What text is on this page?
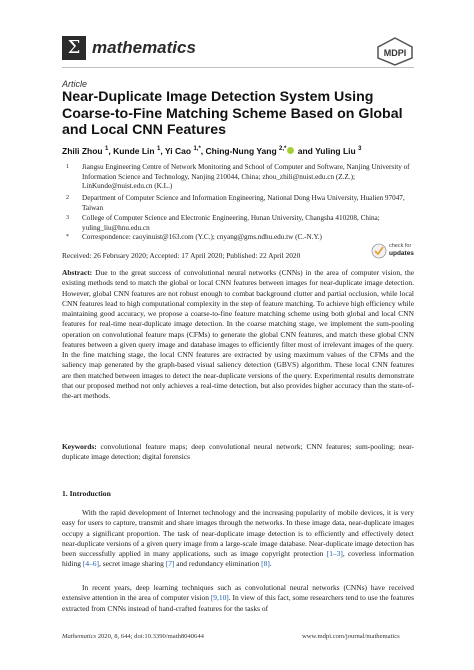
Σ mathematics	MDPI
Article
Near-Duplicate Image Detection System Using Coarse-to-Fine Matching Scheme Based on Global and Local CNN Features
Zhili Zhou $^1$, Kunde Lin $^1$, Yi Cao $^{1,*}$, Ching-Nung Yang $^{2,*}$ and Yuling Liu $^3$
1 Jiangsu Engineering Centre of Network Monitoring and School of Computer and Software, Nanjing University of Information Science and Technology, Nanjing 210044, China; zhou_zhili@nuist.edu.cn (Z.Z.); LinKunde@nuist.edu.cn (K.L.)
2 Department of Computer Science and Information Engineering, National Dong Hwa University, Hualien 97047, Taiwan
3 College of Computer Science and Electronic Engineering, Hunan University, Changsha 410208, China; yuling_liu@hnu.edu.cn
* Correspondence: caoyinuist@163.com (Y.C.); cnyang@gms.ndhu.edu.tw (C.-N.Y.)
Received: 26 February 2020; Accepted: 17 April 2020; Published: 22 April 2020
check for
updates
Abstract: Due to the great success of convolutional neural networks (CNNs) in the area of computer vision, the existing methods tend to match the global or local CNN features between images for near-duplicate image detection. However, global CNN features are not robust enough to combat background clutter and partial occlusion, while local CNN features lead to high computational complexity in the step of feature matching. To achieve high efficiency while maintaining good accuracy, we propose a coarse-to-fine feature matching scheme using both global and local CNN features for real-time near-duplicate image detection. In the coarse matching stage, we implement the sum-pooling operation on convolutional feature maps (CFMs) to generate the global CNN features, and match these global CNN features between a given query image and database images to efficiently filter most of irrelevant images of the query. In the fine matching stage, the local CNN features are extracted by using maximum values of the CFMs and the saliency map generated by the graph-based visual saliency detection (GBVS) algorithm. These local CNN features are then matched between images to detect the near-duplicate versions of the query. Experimental results demonstrate that our proposed method not only achieves a real-time detection, but also provides higher accuracy than the state-of-the-art methods.
Keywords: convolutional feature maps; deep convolutional neural network; CNN features; sum-pooling; near-duplicate image detection; digital forensics
1. Introduction
With the rapid development of Internet technology and the increasing popularity of mobile devices, it is very easy for users to capture, transmit and share images through the networks. In these image data, near-duplicate images occupy a significant proportion. The task of near-duplicate image detection is to efficiently and effectively detect near-duplicate versions of a given query image from a large-scale image database. Near-duplicate image detection has been successfully applied in many applications, such as image copyright protection [1–3], coverless information hiding [4–6], secret image sharing [7] and redundancy elimination [8].
In recent years, deep learning techniques such as convolutional neural networks (CNNs) have received extensive attention in the area of computer vision [9,10]. In view of this fact, some researchers tend to use the features extracted from CNNs instead of hand-crafted features for the tasks of
Mathematics 2020, 8, 644; doi:10.3390/math8040644	www.mdpi.com/journal/mathematics
